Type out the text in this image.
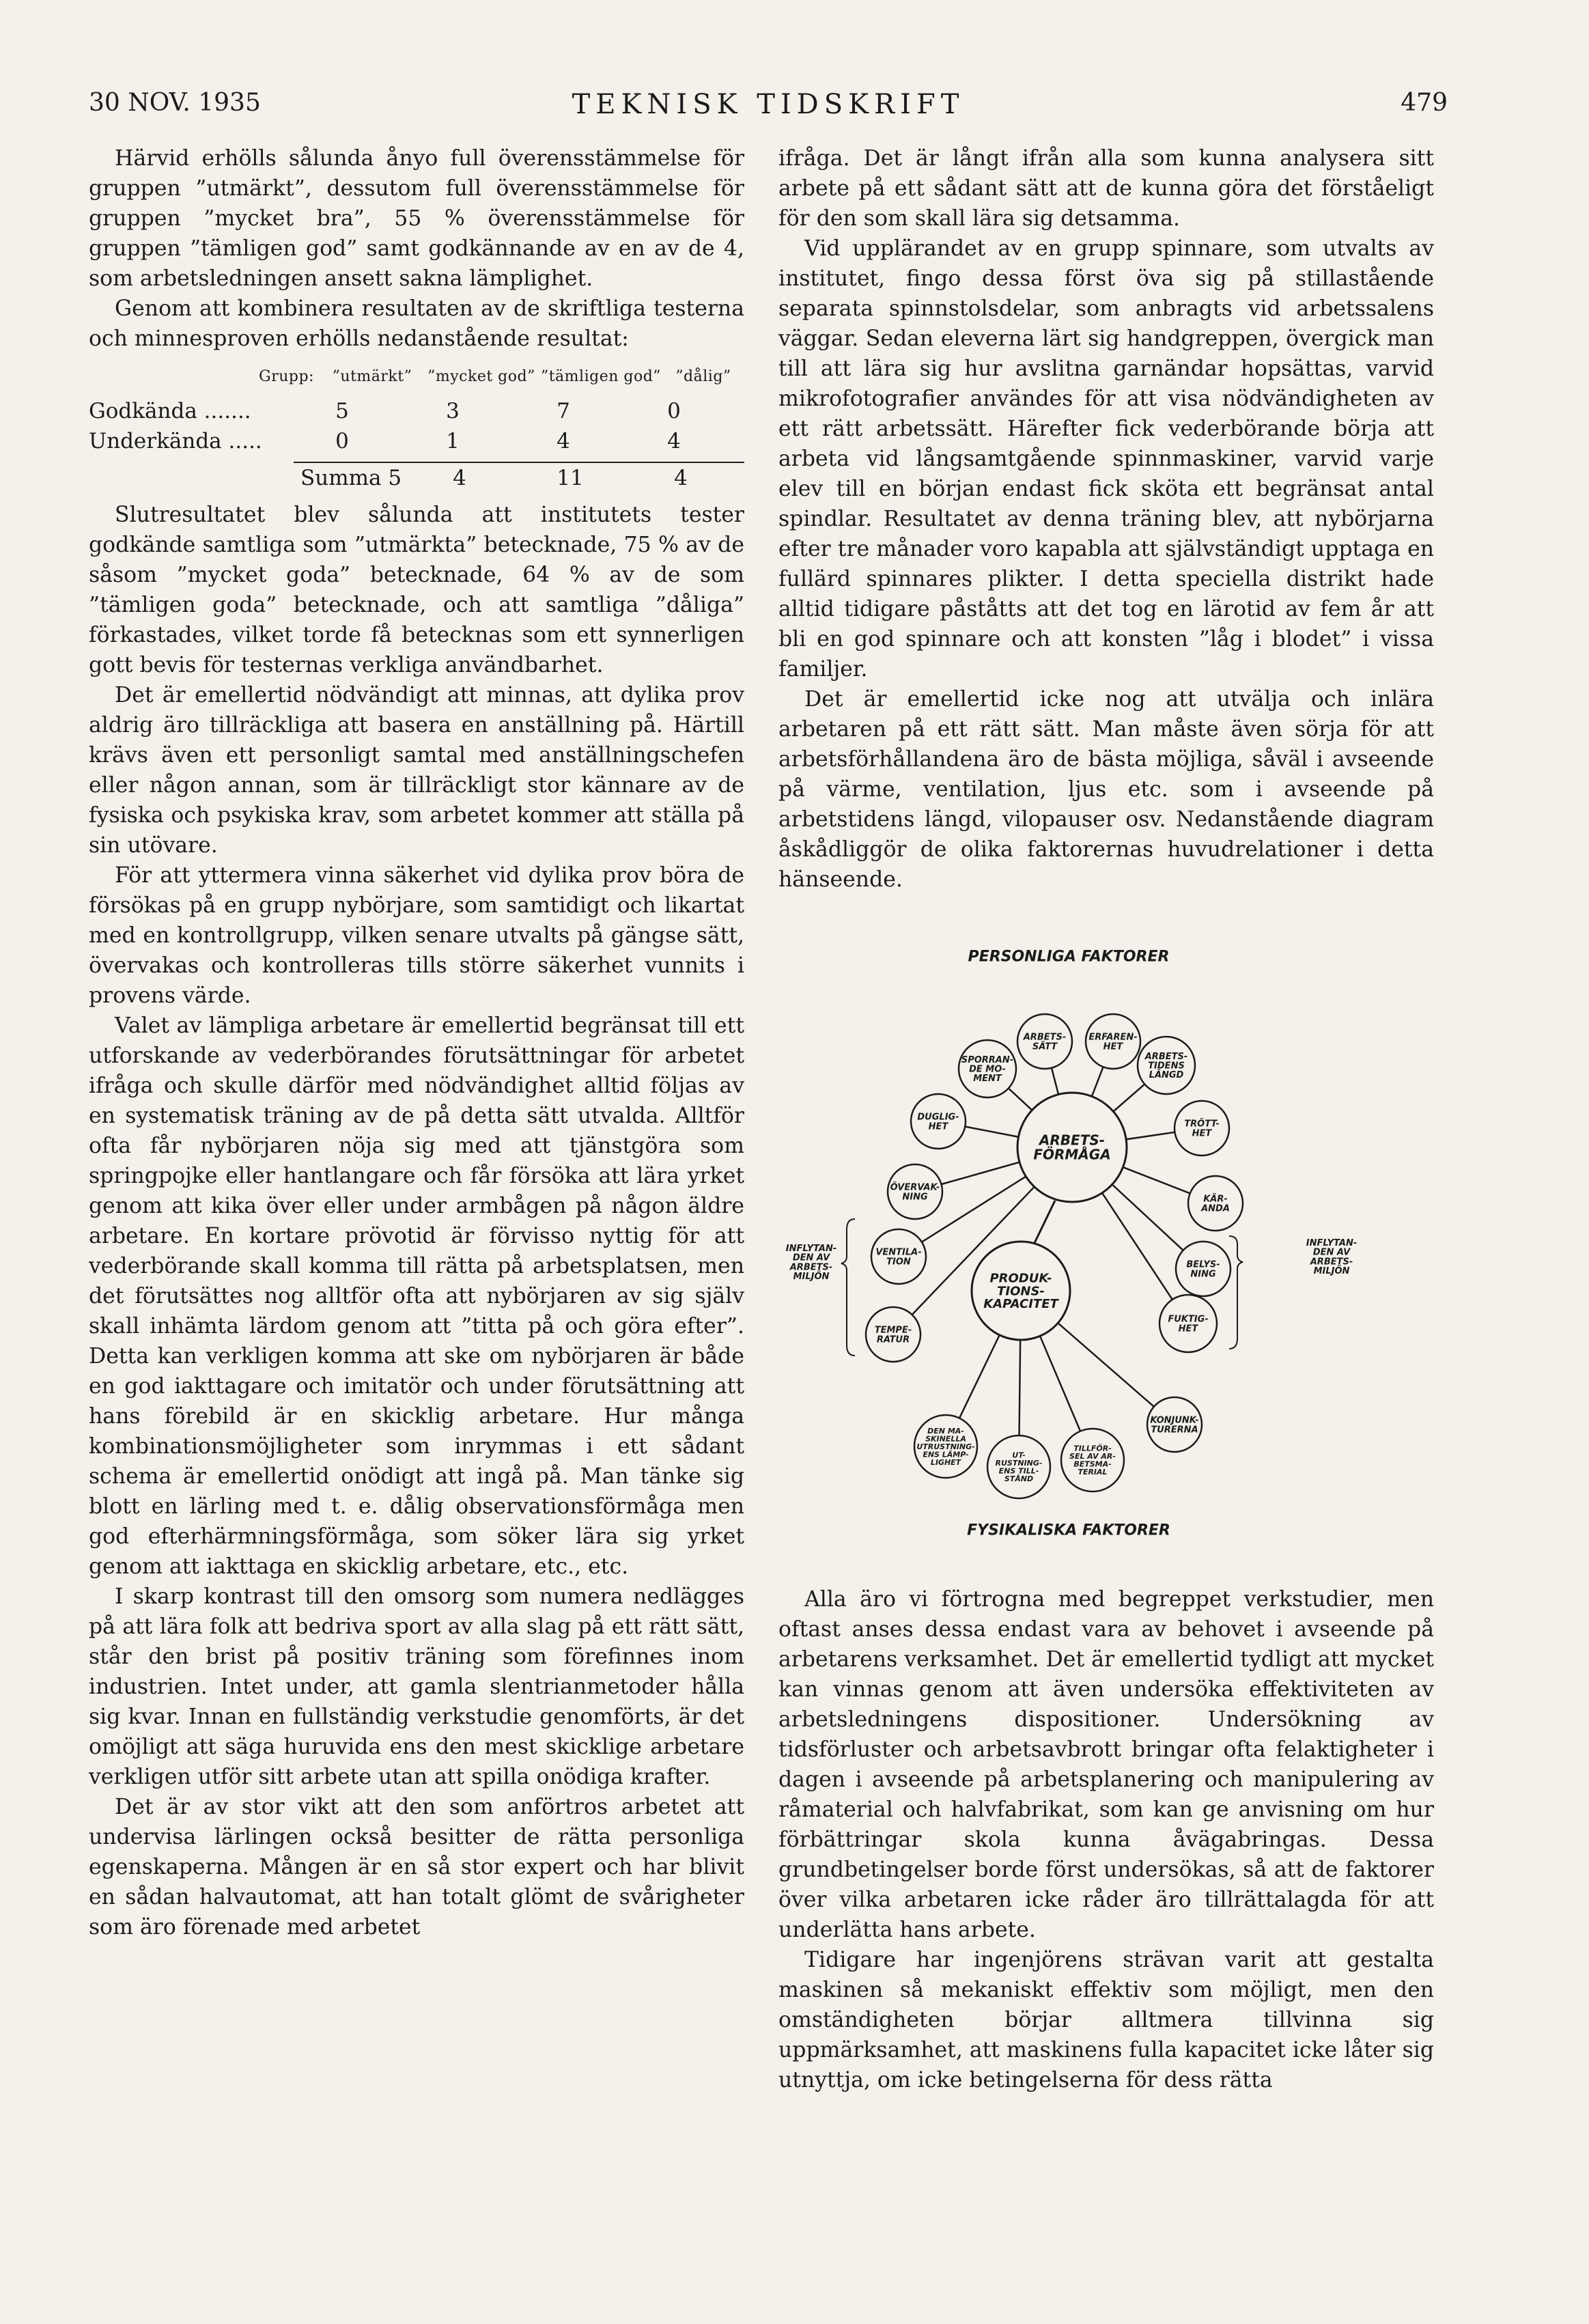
30 NOV. 1935	TEKNISK TIDSKRIFT	479

Härvid erhölls sålunda ånyo full överensstämmelse för gruppen ”utmärkt”, dessutom full överensstämmelse för gruppen ”mycket bra”, 55 % överensstämmelse för gruppen ”tämligen god” samt godkännande av en av de 4, som arbetsledningen ansett sakna lämplighet.

Genom att kombinera resultaten av de skriftliga testerna och minnesproven erhölls nedanstående resultat:

Grupp:	”utmärkt”	”mycket god” ”tämligen god” ”dålig”
Godkända .......	5	3	7	0
Underkända .....	0	1	4	4
Summa 5	4	11	4

Slutresultatet blev sålunda att institutets tester godkände samtliga som ”utmärkta” betecknade, 75 % av de såsom ”mycket goda” betecknade, 64 % av de som ”tämligen goda” betecknade, och att samtliga ”dåliga” förkastades, vilket torde få betecknas som ett synnerligen gott bevis för testernas verkliga användbarhet.

Det är emellertid nödvändigt att minnas, att dylika prov aldrig äro tillräckliga att basera en anställning på. Härtill krävs även ett personligt samtal med anställningschefen eller någon annan, som är tillräckligt stor kännare av de fysiska och psykiska krav, som arbetet kommer att ställa på sin utövare.

För att yttermera vinna säkerhet vid dylika prov böra de försökas på en grupp nybörjare, som samtidigt och likartat med en kontrollgrupp, vilken senare utvalts på gängse sätt, övervakas och kontrolleras tills större säkerhet vunnits i provens värde.

Valet av lämpliga arbetare är emellertid begränsat till ett utforskande av vederbörandes förutsättningar för arbetet ifråga och skulle därför med nödvändighet alltid följas av en systematisk träning av de på detta sätt utvalda. Alltför ofta får nybörjaren nöja sig med att tjänstgöra som springpojke eller hantlangare och får försöka att lära yrket genom att kika över eller under armbågen på någon äldre arbetare. En kortare prövotid är förvisso nyttig för att vederbörande skall komma till rätta på arbetsplatsen, men det förutsättes nog alltför ofta att nybörjaren av sig själv skall inhämta lärdom genom att ”titta på och göra efter”. Detta kan verkligen komma att ske om nybörjaren är både en god iakttagare och imitatör och under förutsättning att hans förebild är en skicklig arbetare. Hur många kombinationsmöjligheter som inrymmas i ett sådant schema är emellertid onödigt att ingå på. Man tänke sig blott en lärling med t. e. dålig observationsförmåga men god efterhärmningsförmåga, som söker lära sig yrket genom att iakttaga en skicklig arbetare, etc., etc.

I skarp kontrast till den omsorg som numera nedlägges på att lära folk att bedriva sport av alla slag på ett rätt sätt, står den brist på positiv träning som förefinnes inom industrien. Intet under, att gamla slentrianmetoder hålla sig kvar. Innan en fullständig verkstudie genomförts, är det omöjligt att säga huruvida ens den mest skicklige arbetare verkligen utför sitt arbete utan att spilla onödiga krafter.

Det är av stor vikt att den som anförtros arbetet att undervisa lärlingen också besitter de rätta personliga egenskaperna. Mången är en så stor expert och har blivit en sådan halvautomat, att han totalt glömt de svårigheter som äro förenade med arbetet

ifråga. Det är långt ifrån alla som kunna analysera sitt arbete på ett sådant sätt att de kunna göra det förståeligt för den som skall lära sig detsamma.

Vid upplärandet av en grupp spinnare, som utvalts av institutet, fingo dessa först öva sig på stillastående separata spinnstolsdelar, som anbragts vid arbetssalens väggar. Sedan eleverna lärt sig handgreppen, övergick man till att lära sig hur avslitna garnändar hopsättas, varvid mikrofotografier användes för att visa nödvändigheten av ett rätt arbetssätt. Härefter fick vederbörande börja att arbeta vid långsamtgående spinnmaskiner, varvid varje elev till en början endast fick sköta ett begränsat antal spindlar. Resultatet av denna träning blev, att nybörjarna efter tre månader voro kapabla att självständigt upptaga en fullärd spinnares plikter. I detta speciella distrikt hade alltid tidigare påståtts att det tog en lärotid av fem år att bli en god spinnare och att konsten ”låg i blodet” i vissa familjer.

Det är emellertid icke nog att utvälja och inlära arbetaren på ett rätt sätt. Man måste även sörja för att arbetsförhållandena äro de bästa möjliga, såväl i avseende på värme, ventilation, ljus etc. som i avseende på arbetstidens längd, vilopauser osv. Nedanstående diagram åskådliggör de olika faktorernas huvudrelationer i detta hänseende.

PERSONLIGA FAKTORER
FYSIKALISKA FAKTORER
ARBETS-FÖRMÅGA
PRODUK-TIONS-KAPACITET
SPORRAN-DE MO-MENT
ARBETS-SÄTT
ERFAREN-HET
ARBETS-TIDENS LÄNGD
TRÖTT-HET
KÄR-ANDA
BELYS-NING
FUKTIG-HET
DUGLIG-HET
ÖVERVAK-NING
VENTILA-TION
TEMPE-RATUR
DEN MA-SKINELLA UTRUSTNING-ENS LÄMP-LIGHET
UT-RUSTNING-ENS TILL-STÅND
TILLFÖR-SEL AV AR-BETSMA-TERIAL
KONJUNK-TURERNA
INFLYTAN-DEN AV ARBETS-MILJÖN
INFLYTAN-DEN AV ARBETS-MILJÖN

Alla äro vi förtrogna med begreppet verkstudier, men oftast anses dessa endast vara av behovet i avseende på arbetarens verksamhet. Det är emellertid tydligt att mycket kan vinnas genom att även undersöka effektiviteten av arbetsledningens dispositioner. Undersökning av tidsförluster och arbetsavbrott bringar ofta felaktigheter i dagen i avseende på arbetsplanering och manipulering av råmaterial och halvfabrikat, som kan ge anvisning om hur förbättringar skola kunna åvägabringas. Dessa grundbetingelser borde först undersökas, så att de faktorer över vilka arbetaren icke råder äro tillrättalagda för att underlätta hans arbete.

Tidigare har ingenjörens strävan varit att gestalta maskinen så mekaniskt effektiv som möjligt, men den omständigheten börjar alltmera tillvinna sig uppmärksamhet, att maskinens fulla kapacitet icke låter sig utnyttja, om icke betingelserna för dess rätta
